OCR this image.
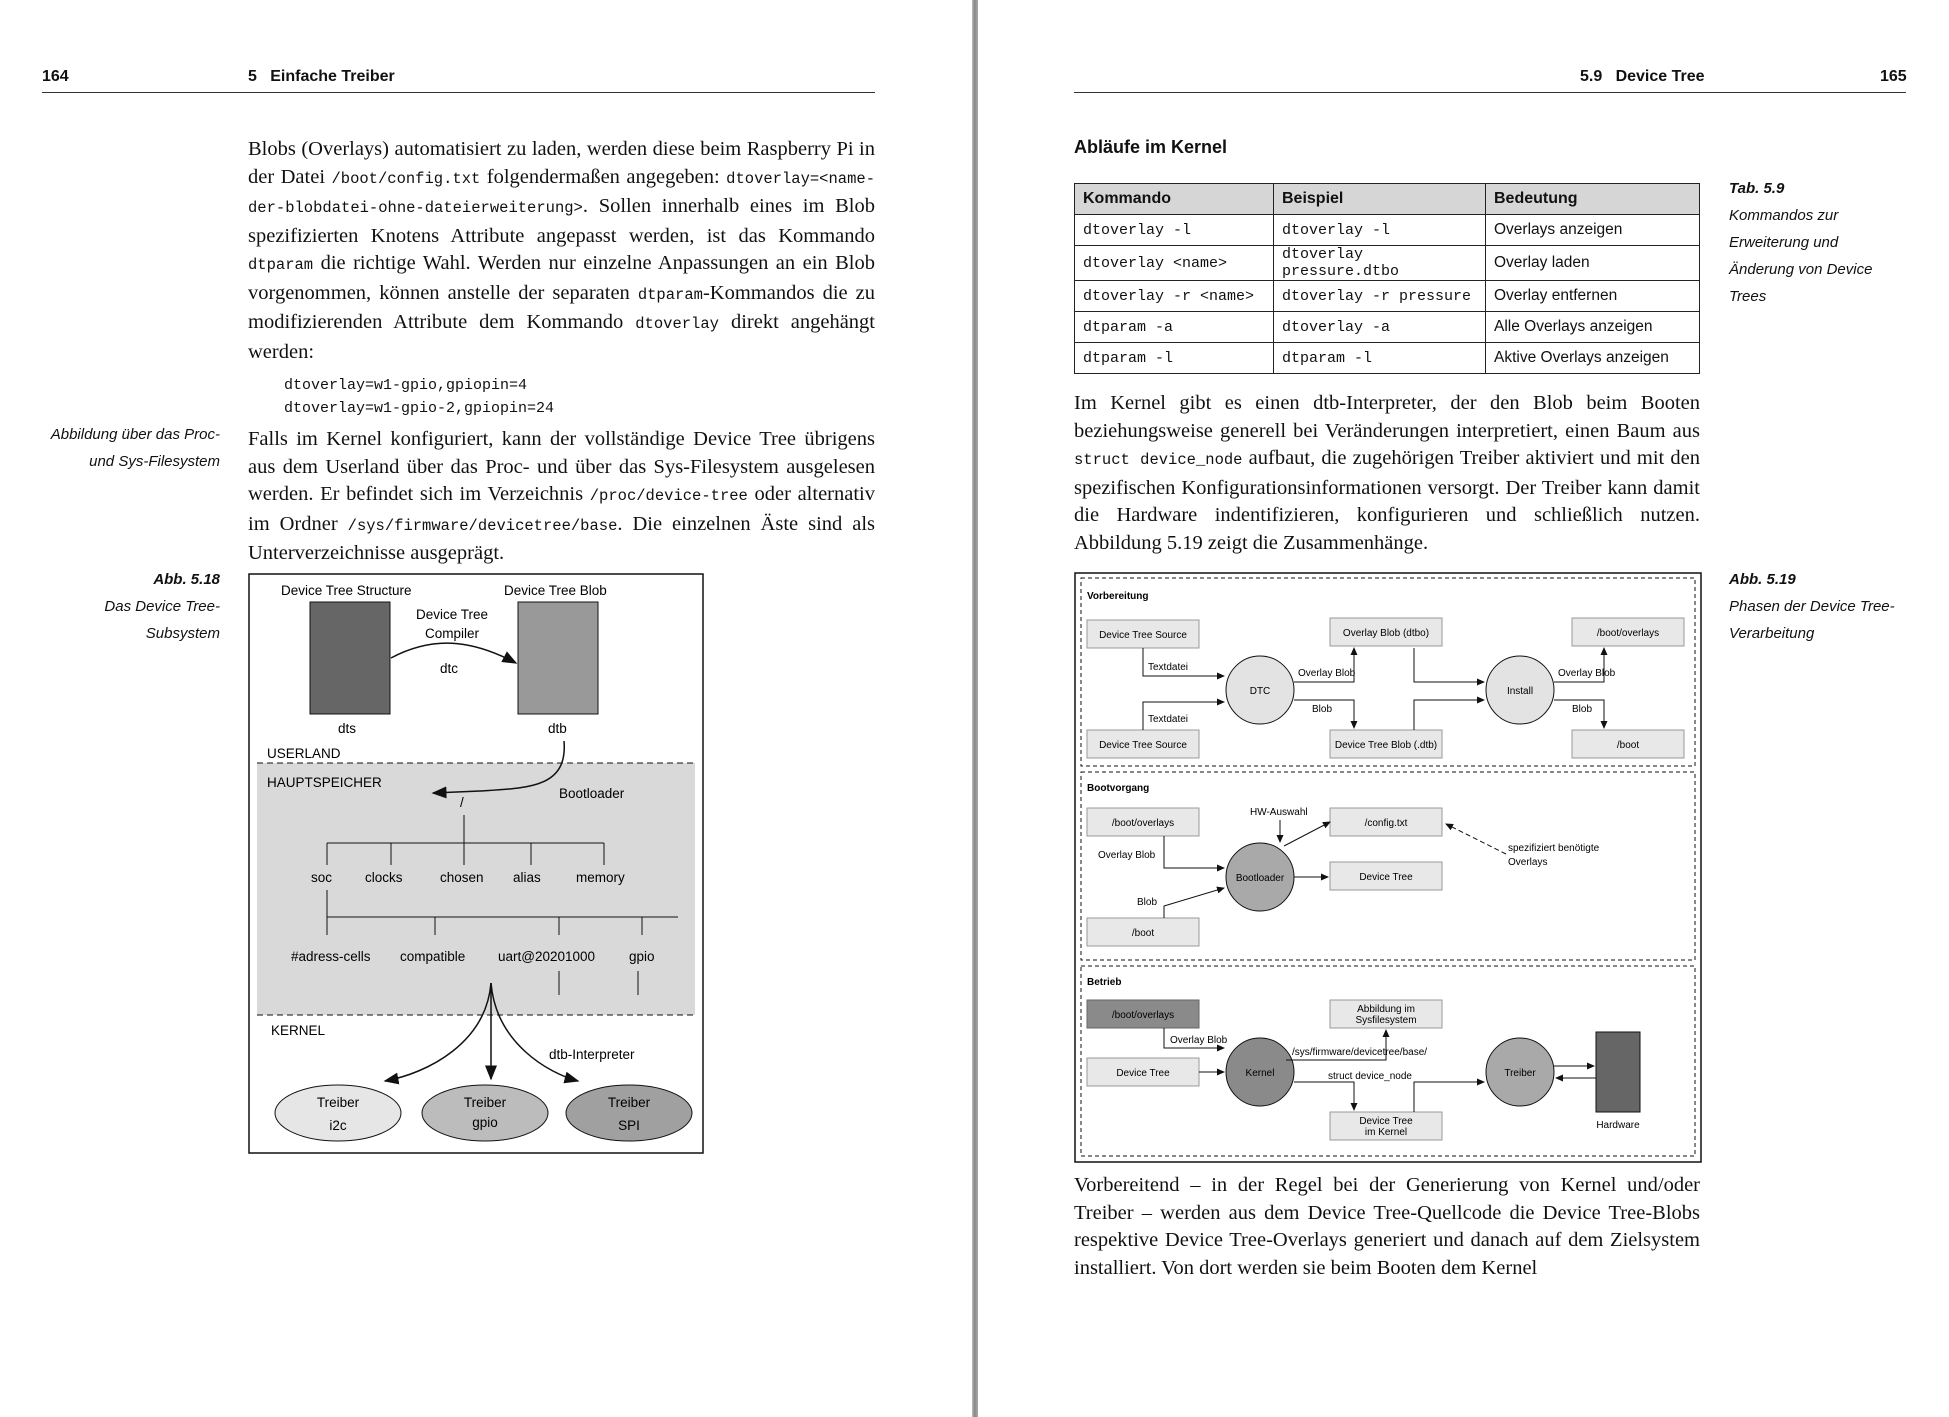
164	5   Einfache Treiber

Blobs (Overlays) automatisiert zu laden, werden diese beim Raspberry Pi in der Datei /boot/config.txt folgendermaßen angegeben: dtoverlay=<name-der-blobdatei-ohne-dateierweiterung>. Sollen innerhalb eines im Blob spezifizierten Knotens Attribute angepasst werden, ist das Kommando dtparam die richtige Wahl. Werden nur einzelne Anpassungen an ein Blob vorgenommen, können anstelle der separaten dtparam-Kommandos die zu modifizierenden Attribute dem Kommando dtoverlay direkt angehängt werden:

dtoverlay=w1-gpio,gpiopin=4
dtoverlay=w1-gpio-2,gpiopin=24

Falls im Kernel konfiguriert, kann der vollständige Device Tree übrigens aus dem Userland über das Proc- und über das Sys-Filesystem ausgelesen werden. Er befindet sich im Verzeichnis /proc/device-tree oder alternativ im Ordner /sys/firmware/devicetree/base. Die einzelnen Äste sind als Unterverzeichnisse ausgeprägt.

Abbildung über das Proc-
und Sys-Filesystem
Abb. 5.18
Das Device Tree-
Subsystem
Device Tree Structure	Device Tree Blob
Device Tree
Compiler
dtc
dts	dtb
USERLAND
HAUPTSPEICHER
Bootloader
/
soc clocks	chosen alias	memory
#adress-cells compatible uart@20201000	gpio
KERNEL
dtb-Interpreter
Treiber
i2c
Treiber
gpio
Treiber
SPI
5.9   Device Tree	165
Abläufe im Kernel
Kommando	Beispiel	Bedeutung
dtoverlay -l	dtoverlay -l	Overlays anzeigen
dtoverlay <name>	dtoverlay pressure.dtbo	Overlay laden
dtoverlay -r <name>	dtoverlay -r pressure	Overlay entfernen
dtparam -a	dtoverlay -a	Alle Overlays anzeigen
dtparam -l	dtparam -l	Aktive Overlays anzeigen
Tab. 5.9
Kommandos zur
Erweiterung und
Änderung von Device
Trees

Im Kernel gibt es einen dtb-Interpreter, der den Blob beim Booten beziehungsweise generell bei Veränderungen interpretiert, einen Baum aus struct device_node aufbaut, die zugehörigen Treiber aktiviert und mit den spezifischen Konfigurationsinformationen versorgt. Der Treiber kann damit die Hardware indentifizieren, konfigurieren und schließlich nutzen. Abbildung 5.19 zeigt die Zusammenhänge.

Abb. 5.19
Phasen der Device Tree-
Verarbeitung
Vorbereitung
Device Tree Source
Device Tree Source
Textdatei
Textdatei
DTC
Overlay Blob (dtbo)
Device Tree Blob (.dtb)
Overlay Blob
Blob
Install
/boot/overlays
/boot
Overlay Blob
Blob
Bootvorgang
/boot/overlays
/boot
Overlay Blob
Blob
HW-Auswahl
Bootloader
/config.txt
Device Tree
spezifiziert benötigte
Overlays
Betrieb
/boot/overlays
Overlay Blob
Device Tree	Kernel
Abbildung im
Sysfilesystem
/sys/firmware/devicetree/base/
struct device_node
Device Tree
im Kernel
Treiber
Hardware

Vorbereitend – in der Regel bei der Generierung von Kernel und/oder Treiber – werden aus dem Device Tree-Quellcode die Device Tree-Blobs respektive Device Tree-Overlays generiert und danach auf dem Zielsystem installiert. Von dort werden sie beim Booten dem Kernel
